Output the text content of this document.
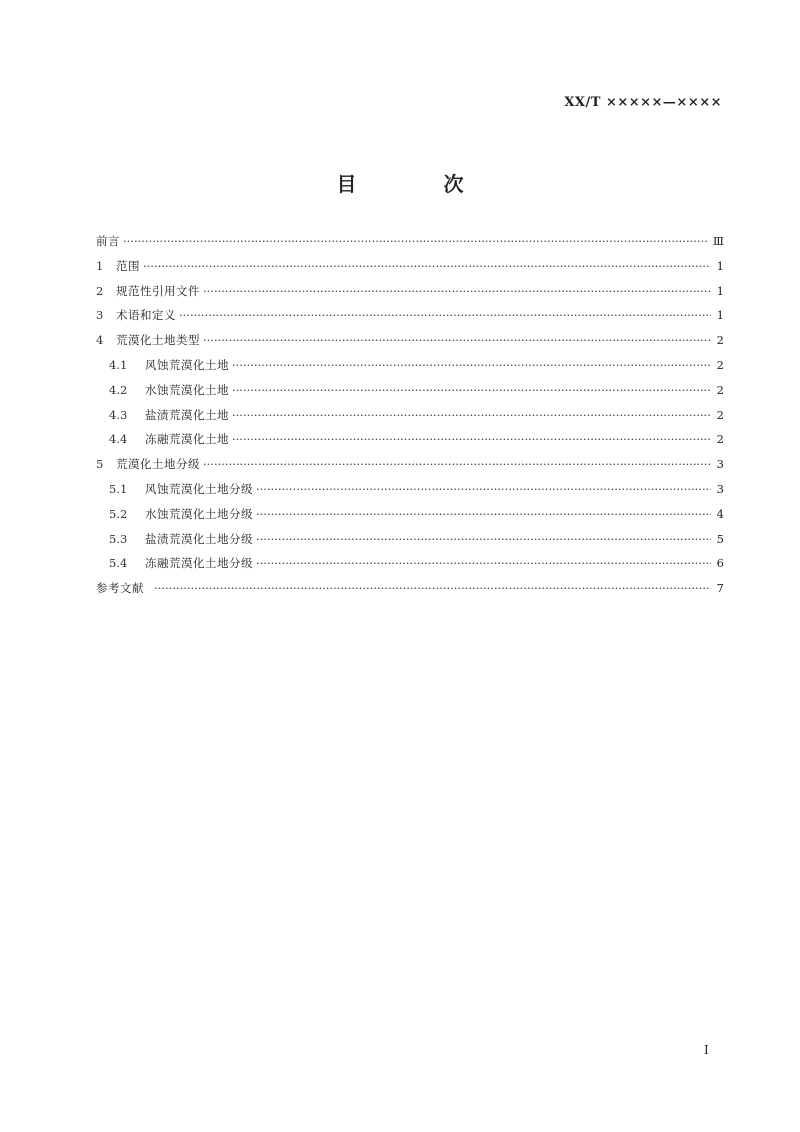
XX/T ×××××—××××
目 次
前言 ·····	Ⅲ
1	范围 ·····	1
2	规范性引用文件 ·····	1
3	术语和定义 ·····	1
4	荒漠化土地类型 ·····	2
4.1	风蚀荒漠化土地 ·····	2
4.2	水蚀荒漠化土地 ·····	2
4.3	盐渍荒漠化土地 ·····	2
4.4	冻融荒漠化土地 ·····	2
5	荒漠化土地分级 ·····	3
5.1	风蚀荒漠化土地分级 ·····	3
5.2	水蚀荒漠化土地分级 ·····	4
5.3	盐渍荒漠化土地分级 ·····	5
5.4	冻融荒漠化土地分级 ·····	6
参考文献 ·····	7
I
